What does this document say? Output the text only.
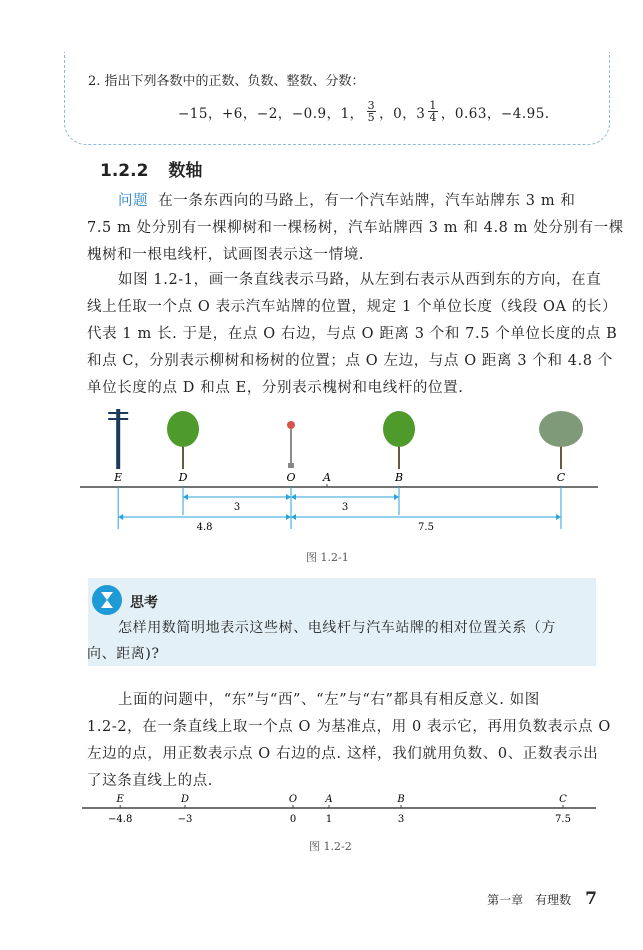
2. 指出下列各数中的正数、负数、整数、分数：
−15，+6，−2，−0.9，1， $\frac{3}{5}$ ，0，$3 \frac{1}{4}$ ，0.63，−4.95.
1.2.2 数轴
问题 在一条东西向的马路上，有一个汽车站牌，汽车站牌东 3 m 和
7.5 m 处分别有一棵柳树和一棵杨树，汽车站牌西 3 m 和 4.8 m 处分别有一棵
槐树和一根电线杆，试画图表示这一情境.
如图 1.2-1，画一条直线表示马路，从左到右表示从西到东的方向，在直
线上任取一个点 O 表示汽车站牌的位置，规定 1 个单位长度（线段 OA 的长）
代表 1 m 长. 于是，在点 O 右边，与点 O 距离 3 个和 7.5 个单位长度的点 B
和点 C，分别表示柳树和杨树的位置；点 O 左边，与点 O 距离 3 个和 4.8 个
单位长度的点 D 和点 E，分别表示槐树和电线杆的位置.
E	D	O	A	B	C
3	3
4.8	7.5
图 1.2-1
思考
怎样用数简明地表示这些树、电线杆与汽车站牌的相对位置关系（方
向、距离)?
上面的问题中，“东”与“西”、“左”与“右”都具有相反意义. 如图
1.2-2，在一条直线上取一个点 O 为基准点，用 0 表示它，再用负数表示点 O
左边的点，用正数表示点 O 右边的点. 这样，我们就用负数、0、正数表示出
了这条直线上的点.
E
−4.8
D
−3
O
0
A
1
B
3
C
7.5
图 1.2-2
第一章　有理数 7
